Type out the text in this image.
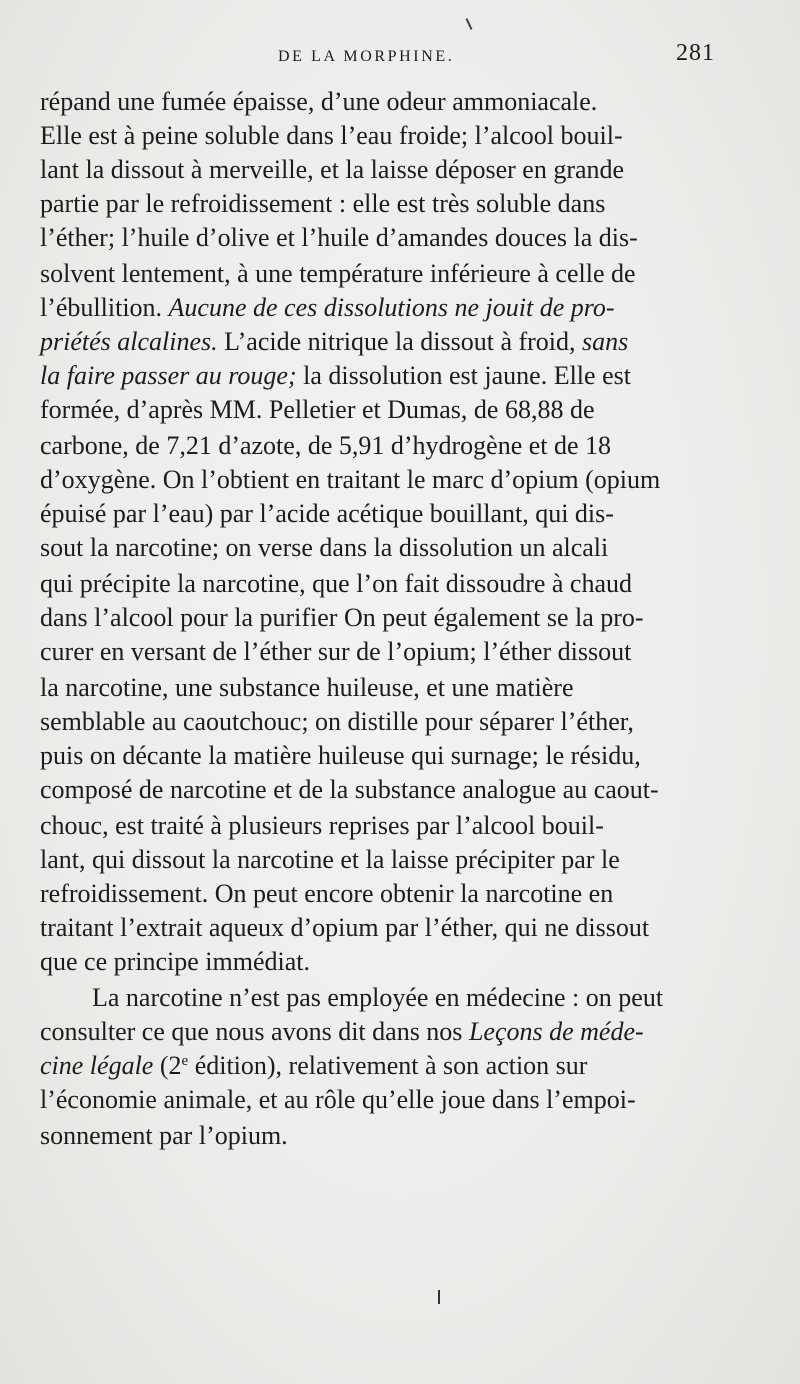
DE LA MORPHINE.	281
répand une fumée épaisse, d’une odeur ammoniacale.
Elle est à peine soluble dans l’eau froide; l’alcool bouil-
lant la dissout à merveille, et la laisse déposer en grande
partie par le refroidissement : elle est très soluble dans
l’éther; l’huile d’olive et l’huile d’amandes douces la dis-
solvent lentement, à une température inférieure à celle de
l’ébullition. Aucune de ces dissolutions ne jouit de pro-
priétés alcalines. L’acide nitrique la dissout à froid, sans
la faire passer au rouge; la dissolution est jaune. Elle est
formée, d’après MM. Pelletier et Dumas, de 68,88 de
carbone, de 7,21 d’azote, de 5,91 d’hydrogène et de 18
d’oxygène. On l’obtient en traitant le marc d’opium (opium
épuisé par l’eau) par l’acide acétique bouillant, qui dis-
sout la narcotine; on verse dans la dissolution un alcali
qui précipite la narcotine, que l’on fait dissoudre à chaud
dans l’alcool pour la purifier On peut également se la pro-
curer en versant de l’éther sur de l’opium; l’éther dissout
la narcotine, une substance huileuse, et une matière
semblable au caoutchouc; on distille pour séparer l’éther,
puis on décante la matière huileuse qui surnage; le résidu,
composé de narcotine et de la substance analogue au caout-
chouc, est traité à plusieurs reprises par l’alcool bouil-
lant, qui dissout la narcotine et la laisse précipiter par le
refroidissement. On peut encore obtenir la narcotine en
traitant l’extrait aqueux d’opium par l’éther, qui ne dissout
que ce principe immédiat.
La narcotine n’est pas employée en médecine : on peut
consulter ce que nous avons dit dans nos Leçons de méde-
cine légale (2e édition), relativement à son action sur
l’économie animale, et au rôle qu’elle joue dans l’empoi-
sonnement par l’opium.
